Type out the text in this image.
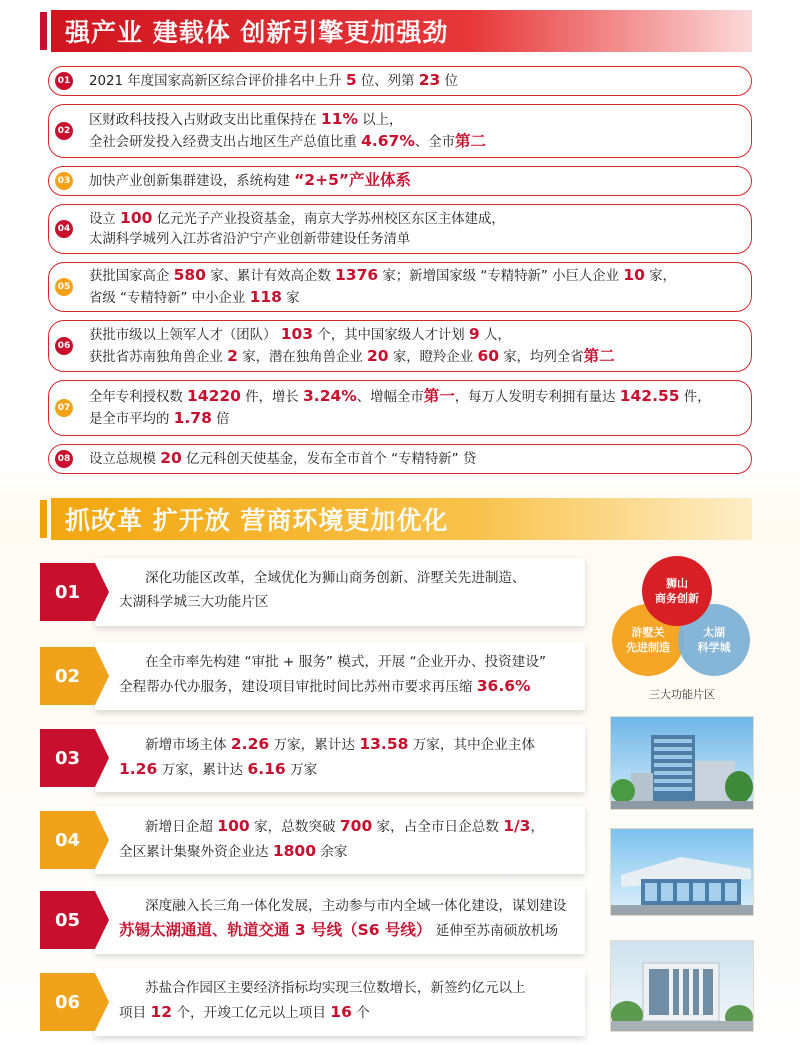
强产业 建载体 创新引擎更加强劲
01 2021 年度国家高新区综合评价排名中上升 5 位、列第 23 位
02
区财政科技投入占财政支出比重保持在 11% 以上，
全社会研发投入经费支出占地区生产总值比重 4.67%、全市第二
03 加快产业创新集群建设，系统构建 “2+5”产业体系
04
设立 100 亿元光子产业投资基金，南京大学苏州校区东区主体建成，
太湖科学城列入江苏省沿沪宁产业创新带建设任务清单
05
获批国家高企 580 家、累计有效高企数 1376 家；新增国家级 “专精特新” 小巨人企业 10 家，
省级 “专精特新” 中小企业 118 家
06
获批市级以上领军人才（团队） 103 个，其中国家级人才计划 9 人，
获批省苏南独角兽企业 2 家，潜在独角兽企业 20 家，瞪羚企业 60 家，均列全省第二
07
全年专利授权数 14220 件，增长 3.24%、增幅全市第一，每万人发明专利拥有量达 142.55 件，
是全市平均的 1.78 倍
08 设立总规模 20 亿元科创天使基金，发布全市首个 “专精特新” 贷
抓改革 扩开放 营商环境更加优化
01
深化功能区改革，全域优化为狮山商务创新、浒墅关先进制造、
太湖科学城三大功能片区
02
在全市率先构建 “审批 + 服务” 模式，开展 “企业开办、投资建设”
全程帮办代办服务，建设项目审批时间比苏州市要求再压缩 36.6%
03
新增市场主体 2.26 万家，累计达 13.58 万家，其中企业主体
1.26 万家，累计达 6.16 万家
04
新增日企超 100 家，总数突破 700 家，占全市日企总数 1/3，
全区累计集聚外资企业达 1800 余家
05
深度融入长三角一体化发展，主动参与市内全域一体化建设，谋划建设
苏锡太湖通道、轨道交通 3 号线（S6 号线） 延伸至苏南硕放机场
06
苏盐合作园区主要经济指标均实现三位数增长，新签约亿元以上
项目 12 个，开竣工亿元以上项目 16 个
狮山
商务创新
浒墅关
先进制造
太湖
科学城
三大功能片区
